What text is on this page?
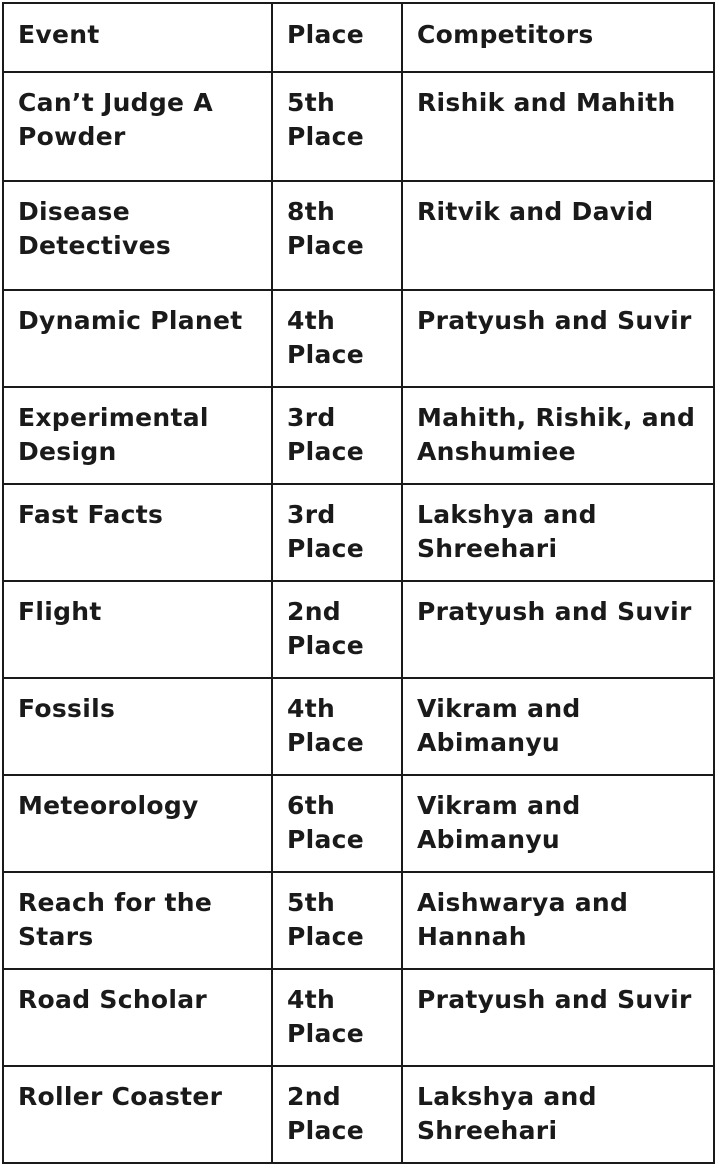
Event	Place	Competitors
Can’t Judge A Powder	5th Place	Rishik and Mahith
Disease Detectives	8th Place	Ritvik and David
Dynamic Planet	4th Place	Pratyush and Suvir
Experimental Design	3rd Place	Mahith, Rishik, and Anshumiee
Fast Facts	3rd Place	Lakshya and Shreehari
Flight	2nd Place	Pratyush and Suvir
Fossils	4th Place	Vikram and Abimanyu
Meteorology	6th Place	Vikram and Abimanyu
Reach for the Stars	5th Place	Aishwarya and Hannah
Road Scholar	4th Place	Pratyush and Suvir
Roller Coaster	2nd Place	Lakshya and Shreehari
